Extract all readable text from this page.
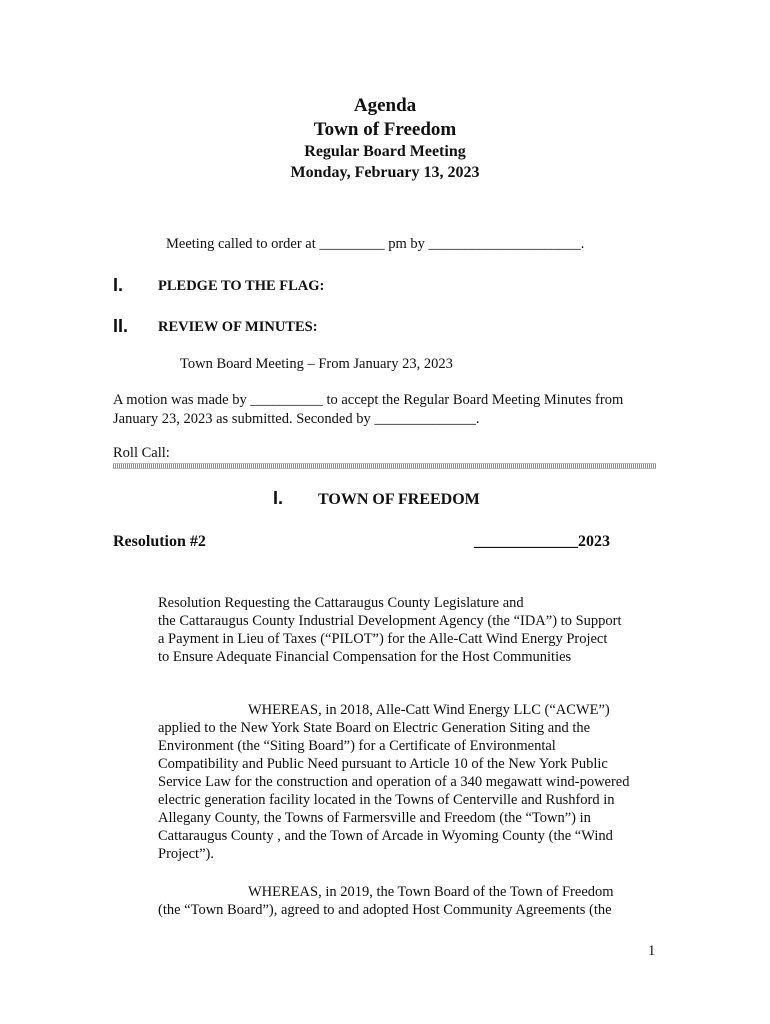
Agenda
Town of Freedom
Regular Board Meeting
Monday, February 13, 2023
Meeting called to order at _________ pm by _____________________.
I. PLEDGE TO THE FLAG:
II. REVIEW OF MINUTES:
Town Board Meeting – From January 23, 2023
A motion was made by __________ to accept the Regular Board Meeting Minutes from
January 23, 2023 as submitted. Seconded by ______________.
Roll Call:
I. TOWN OF FREEDOM
Resolution #2	_____________2023
Resolution Requesting the Cattaraugus County Legislature and
the Cattaraugus County Industrial Development Agency (the “IDA”) to Support
a Payment in Lieu of Taxes (“PILOT”) for the Alle-Catt Wind Energy Project
to Ensure Adequate Financial Compensation for the Host Communities
WHEREAS, in 2018, Alle-Catt Wind Energy LLC (“ACWE”)
applied to the New York State Board on Electric Generation Siting and the
Environment (the “Siting Board”) for a Certificate of Environmental
Compatibility and Public Need pursuant to Article 10 of the New York Public
Service Law for the construction and operation of a 340 megawatt wind-powered
electric generation facility located in the Towns of Centerville and Rushford in
Allegany County, the Towns of Farmersville and Freedom (the “Town”) in
Cattaraugus County , and the Town of Arcade in Wyoming County (the “Wind
Project”).
WHEREAS, in 2019, the Town Board of the Town of Freedom
(the “Town Board”), agreed to and adopted Host Community Agreements (the
1
